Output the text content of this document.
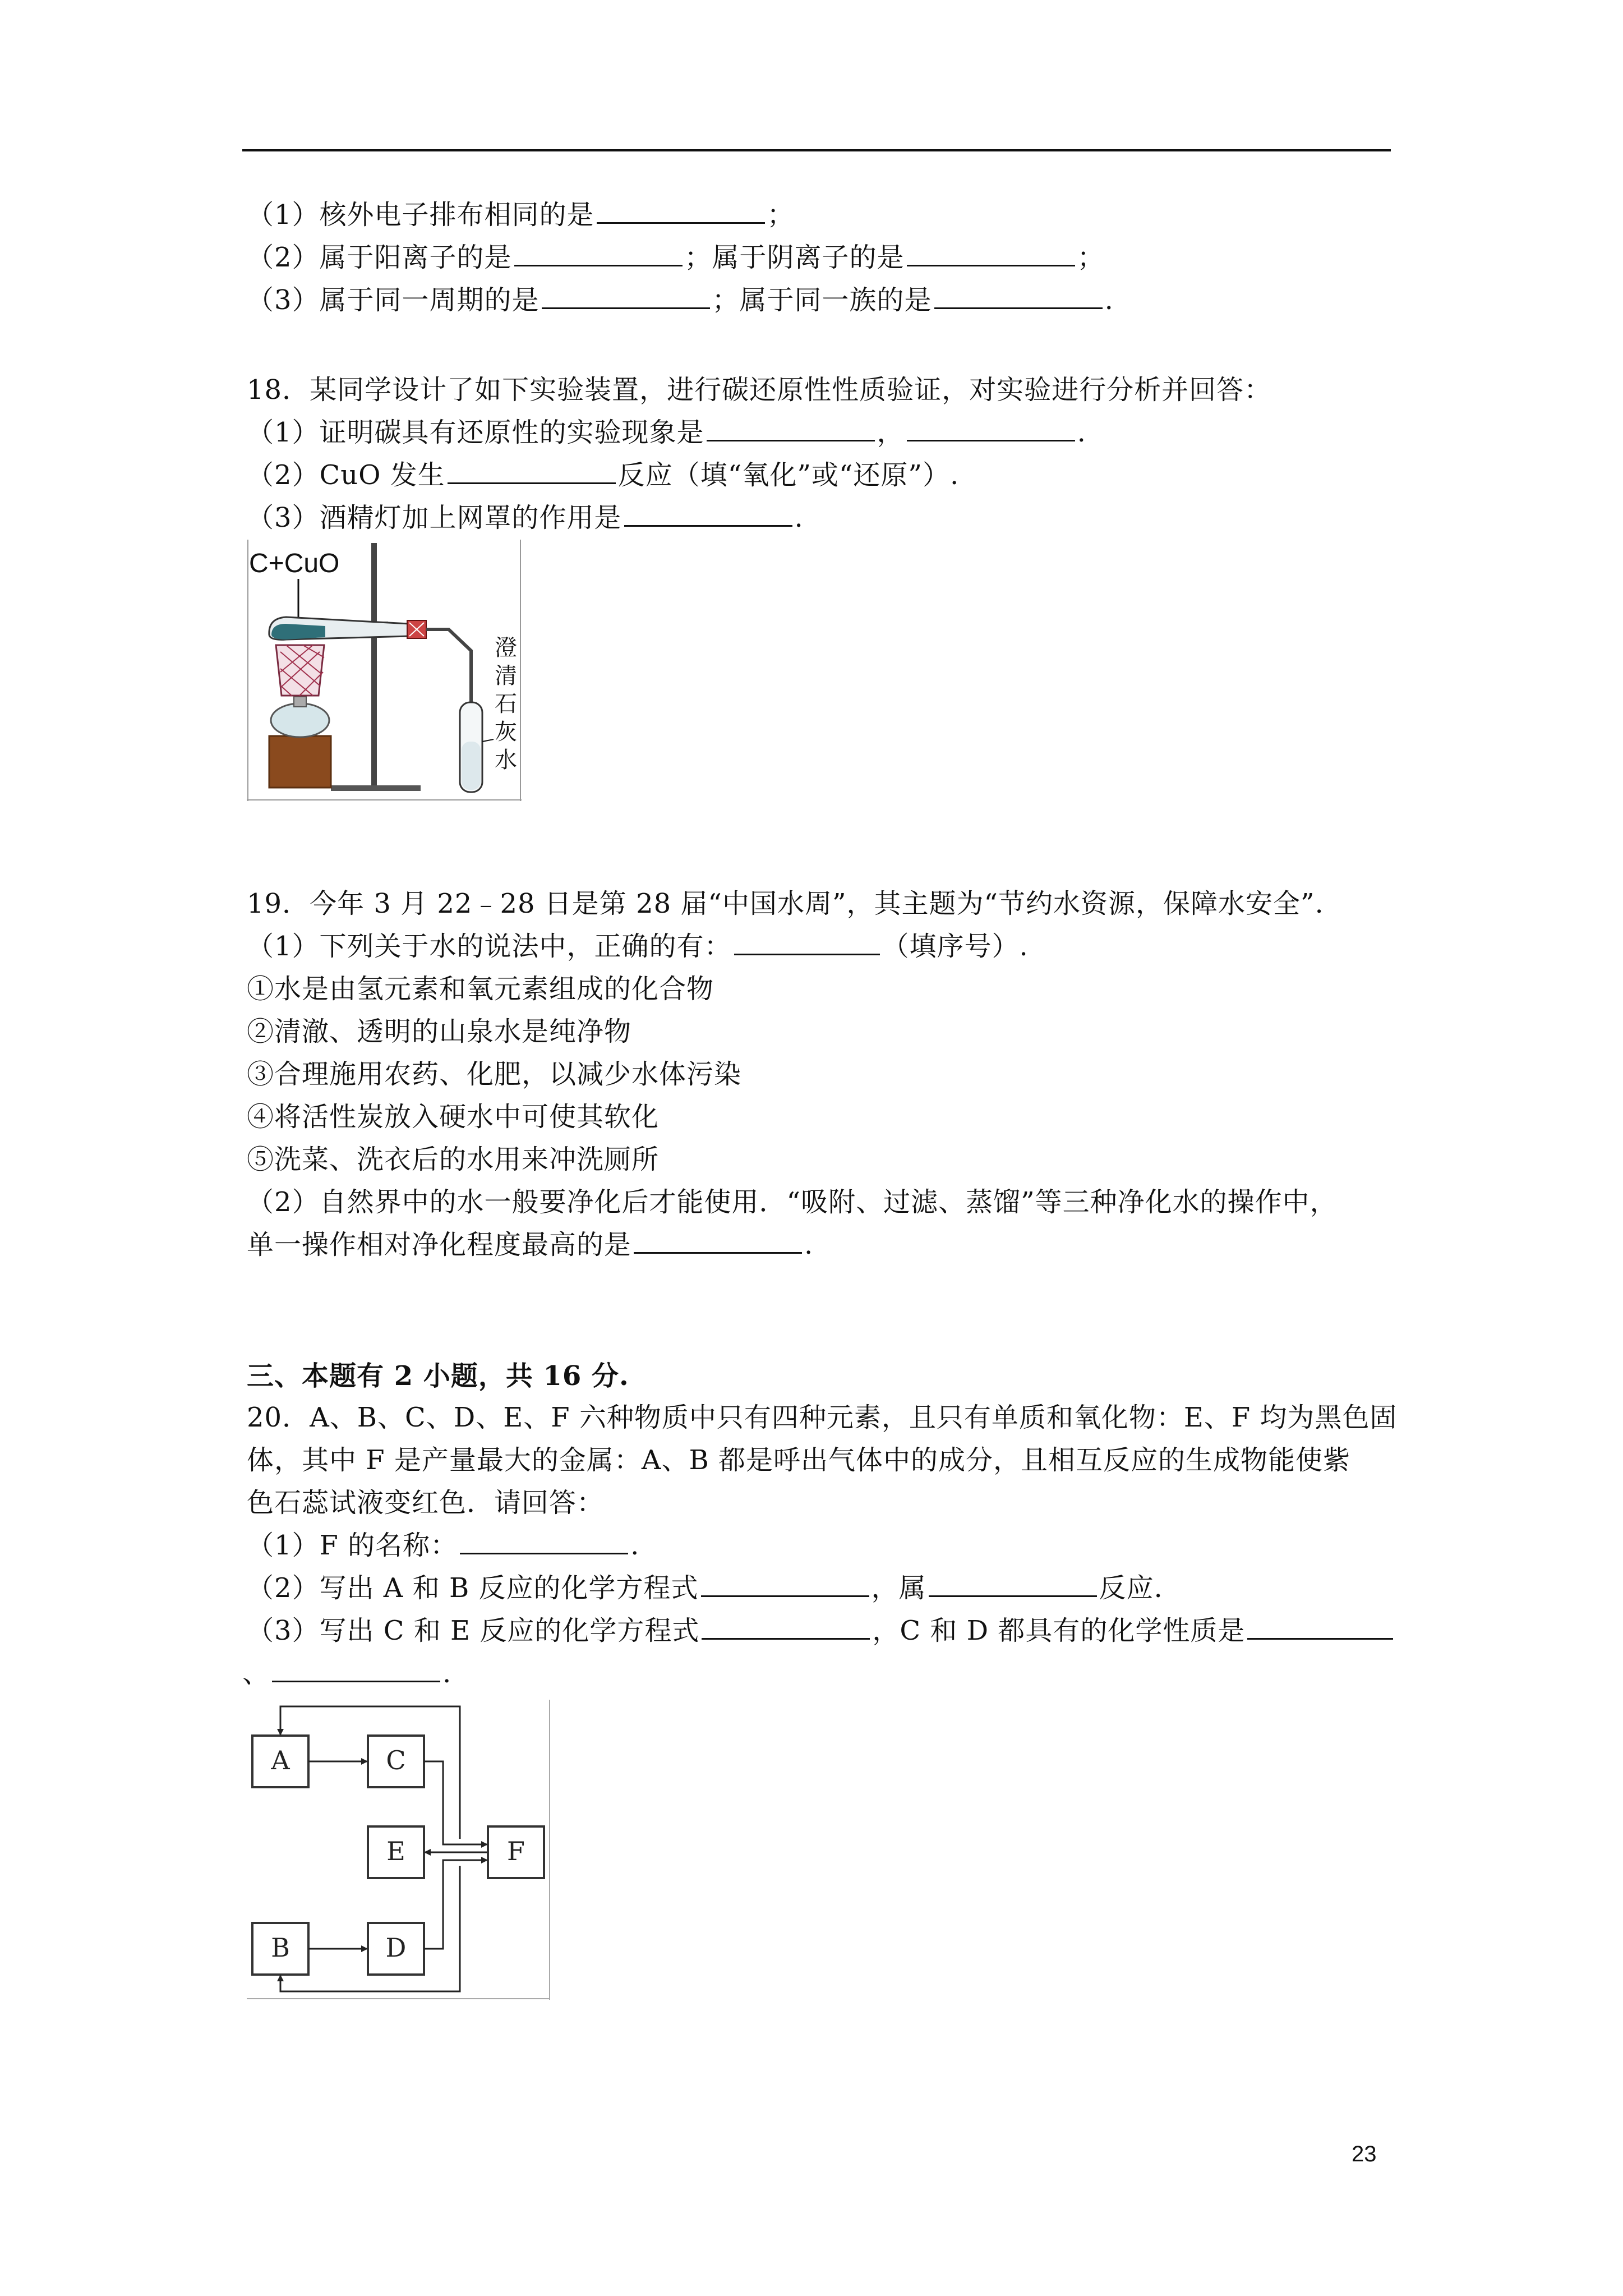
（1）核外电子排布相同的是	；
（2）属于阳离子的是	；属于阴离子的是	；
（3）属于同一周期的是	；属于同一族的是	.
18．某同学设计了如下实验装置，进行碳还原性性质验证，对实验进行分析并回答：
（1）证明碳具有还原性的实验现象是	，	.
（2）CuO 发生	反应（填“氧化”或“还原”）.
（3）酒精灯加上网罩的作用是	.
C+CuO
澄
清
石
灰
水
19．今年 3 月 22﹣28 日是第 28 届“中国水周”，其主题为“节约水资源，保障水安全”.
（1）下列关于水的说法中，正确的有：	（填序号）.
①水是由氢元素和氧元素组成的化合物
②清澈、透明的山泉水是纯净物
③合理施用农药、化肥，以减少水体污染
④将活性炭放入硬水中可使其软化
⑤洗菜、洗衣后的水用来冲洗厕所
（2）自然界中的水一般要净化后才能使用．“吸附、过滤、蒸馏”等三种净化水的操作中，
单一操作相对净化程度最高的是	.
三、本题有 2 小题，共 16 分.
20．A、B、C、D、E、F 六种物质中只有四种元素，且只有单质和氧化物：E、F 均为黑色固
体，其中 F 是产量最大的金属：A、B 都是呼出气体中的成分，且相互反应的生成物能使紫
色石蕊试液变红色．请回答：
（1）F 的名称：	.
（2）写出 A 和 B 反应的化学方程式	，属	反应.
（3）写出 C 和 E 反应的化学方程式	，C 和 D 都具有的化学性质是
、	.
A	C
E	F
B	D
23
